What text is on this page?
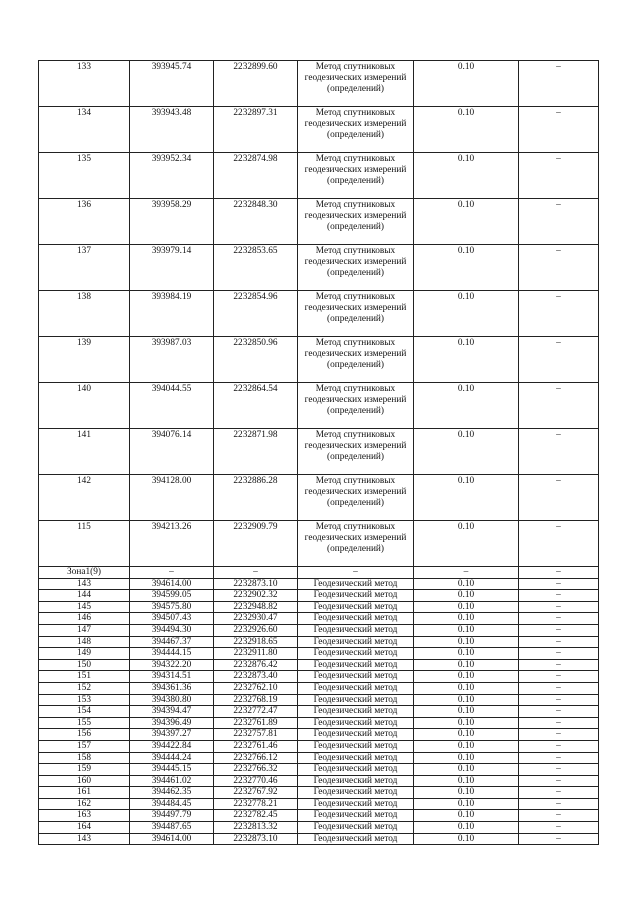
133	393945.74	2232899.60	Метод спутниковых геодезических измерений (определений)	0.10	–
134	393943.48	2232897.31	Метод спутниковых геодезических измерений (определений)	0.10	–
135	393952.34	2232874.98	Метод спутниковых геодезических измерений (определений)	0.10	–
136	393958.29	2232848.30	Метод спутниковых геодезических измерений (определений)	0.10	–
137	393979.14	2232853.65	Метод спутниковых геодезических измерений (определений)	0.10	–
138	393984.19	2232854.96	Метод спутниковых геодезических измерений (определений)	0.10	–
139	393987.03	2232850.96	Метод спутниковых геодезических измерений (определений)	0.10	–
140	394044.55	2232864.54	Метод спутниковых геодезических измерений (определений)	0.10	–
141	394076.14	2232871.98	Метод спутниковых геодезических измерений (определений)	0.10	–
142	394128.00	2232886.28	Метод спутниковых геодезических измерений (определений)	0.10	–
115	394213.26	2232909.79	Метод спутниковых геодезических измерений (определений)	0.10	–
Зона1(9)	–	–	–	–	–
143	394614.00	2232873.10	Геодезический метод	0.10	–
144	394599.05	2232902.32	Геодезический метод	0.10	–
145	394575.80	2232948.82	Геодезический метод	0.10	–
146	394507.43	2232930.47	Геодезический метод	0.10	–
147	394494.30	2232926.60	Геодезический метод	0.10	–
148	394467.37	2232918.65	Геодезический метод	0.10	–
149	394444.15	2232911.80	Геодезический метод	0.10	–
150	394322.20	2232876.42	Геодезический метод	0.10	–
151	394314.51	2232873.40	Геодезический метод	0.10	–
152	394361.36	2232762.10	Геодезический метод	0.10	–
153	394380.80	2232768.19	Геодезический метод	0.10	–
154	394394.47	2232772.47	Геодезический метод	0.10	–
155	394396.49	2232761.89	Геодезический метод	0.10	–
156	394397.27	2232757.81	Геодезический метод	0.10	–
157	394422.84	2232761.46	Геодезический метод	0.10	–
158	394444.24	2232766.12	Геодезический метод	0.10	–
159	394445.15	2232766.32	Геодезический метод	0.10	–
160	394461.02	2232770.46	Геодезический метод	0.10	–
161	394462.35	2232767.92	Геодезический метод	0.10	–
162	394484.45	2232778.21	Геодезический метод	0.10	–
163	394497.79	2232782.45	Геодезический метод	0.10	–
164	394487.65	2232813.32	Геодезический метод	0.10	–
143	394614.00	2232873.10	Геодезический метод	0.10	–
